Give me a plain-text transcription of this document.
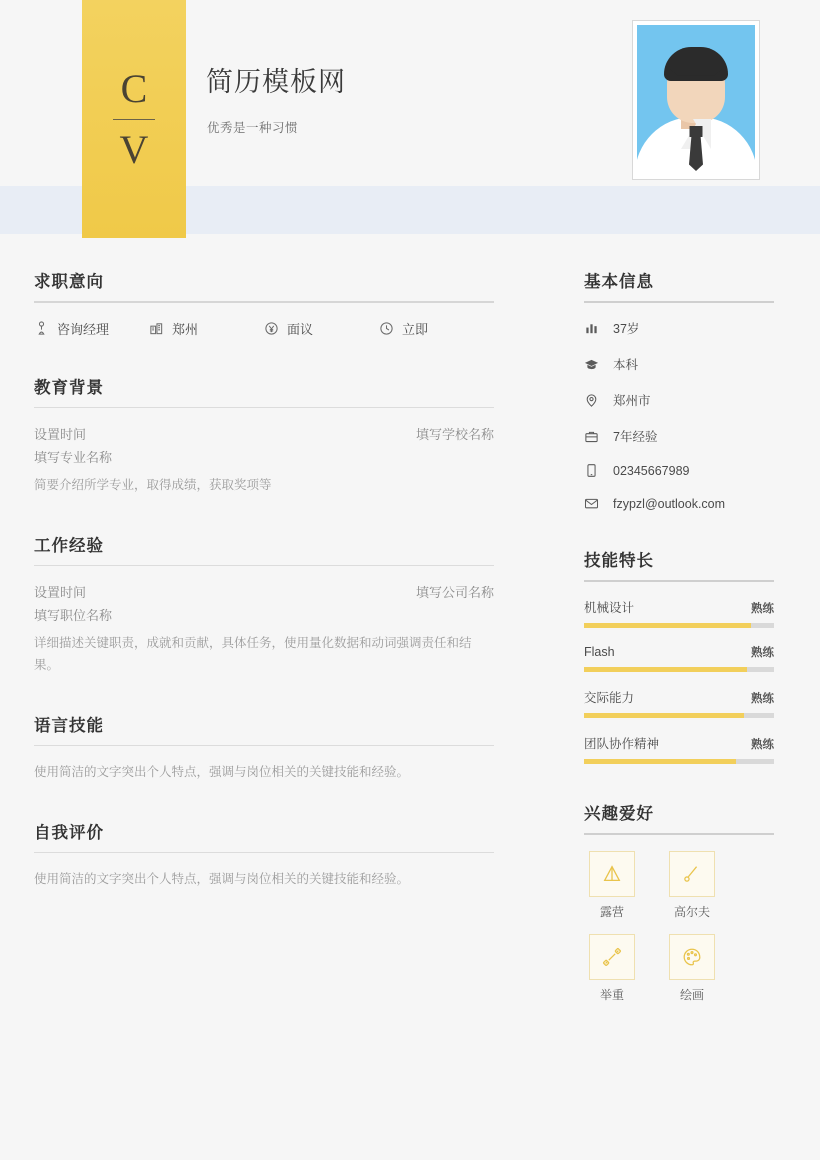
C
V
简历模板网
优秀是一种习惯
求职意向
咨询经理	郑州	面议	立即
教育背景
设置时间	填写学校名称
填写专业名称
简要介绍所学专业，取得成绩，获取奖项等
工作经验
设置时间	填写公司名称
填写职位名称
详细描述关键职责，成就和贡献，具体任务，使用量化数据和动词强调责任和结果。
语言技能
使用简洁的文字突出个人特点，强调与岗位相关的关键技能和经验。
自我评价
使用简洁的文字突出个人特点，强调与岗位相关的关键技能和经验。
基本信息
37岁
本科
郑州市
7年经验
02345667989
fzypzl@outlook.com
技能特长
机械设计	熟练
Flash	熟练
交际能力	熟练
团队协作精神	熟练
兴趣爱好
露营	高尔夫
举重	绘画
